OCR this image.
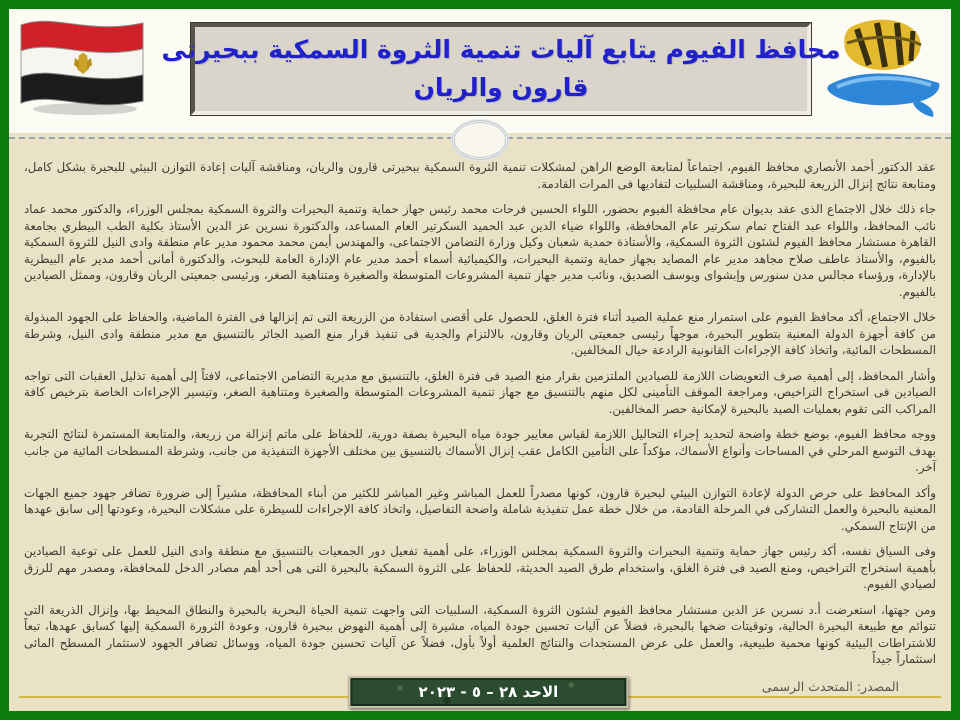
محافظ الفيوم يتابع آليات تنمية الثروة السمكية ببحيرتى
قارون والريان

عقد الدكتور أحمد الأنصاري محافظ الفيوم، اجتماعاً لمتابعة الوضع الراهن لمشكلات تنمية الثروة السمكية ببحيرتى قارون والريان، ومناقشة آليات إعادة التوازن البيئي للبحيرة بشكل كامل، ومتابعة نتائج إنزال الزريعة للبحيرة، ومناقشة السلبيات لتفاديها فى المرات القادمة.

جاء ذلك خلال الاجتماع الذى عقد بديوان عام محافظة الفيوم بحضور، اللواء الحسين فرحات محمد رئيس جهاز حماية وتنمية البحيرات والثروة السمكية بمجلس الوزراء، والدكتور محمد عماد نائب المحافظ، واللواء عبد الفتاح تمام سكرتير عام المحافظة، واللواء ضياء الدين عبد الحميد السكرتير العام المساعد، والدكتورة نسرين عز الدين الأستاذ بكلية الطب البيطري بجامعة القاهرة مستشار محافظ الفيوم لشئون الثروة السمكية، والأستاذة حمدية شعبان وكيل وزارة التضامن الاجتماعى، والمهندس أيمن محمد محمود مدير عام منطقة وادى النيل للثروة السمكية بالفيوم، والأستاذ عاطف صلاح مجاهد مدير عام المصايد بجهاز حماية وتنمية البحيرات، والكيميائية أسماء أحمد مدير عام الإدارة العامة للبحوث، والدكتورة أمانى أحمد مدير عام البيطرية بالإدارة، ورؤساء مجالس مدن سنورس وإبشواى ويوسف الصديق، ونائب مدير جهاز تنمية المشروعات المتوسطة والصغيرة ومتناهية الصغر، ورئيسى جمعيتى الريان وقارون، وممثل الصيادين بالفيوم.

خلال الاجتماع، أكد محافظ الفيوم على استمرار منع عملية الصيد أثناء فترة الغلق، للحصول على أقصى استفادة من الزريعة التى تم إنزالها فى الفترة الماضية، والحفاظ على الجهود المبذولة من كافة أجهزة الدولة المعنية بتطوير البحيرة، موجهاً رئيسى جمعيتى الريان وقارون، بالالتزام والجدية فى تنفيذ قرار منع الصيد الجائر بالتنسيق مع مدير منطقة وادى النيل، وشرطة المسطحات المائية، واتخاذ كافة الإجراءات القانونية الرادعة حيال المخالفين.

وأشار المحافظ، إلى أهمية صرف التعويضات اللازمة للصيادين الملتزمين بقرار منع الصيد فى فترة الغلق، بالتنسيق مع مديرية التضامن الاجتماعى، لافتاً إلى أهمية تذليل العقبات التى تواجه الصيادين فى استخراج التراخيص، ومراجعة الموقف التأمينى لكل منهم بالتنسيق مع جهاز تنمية المشروعات المتوسطة والصغيرة ومتناهية الصغر، وتيسير الإجراءات الخاصة بترخيص كافة المراكب التى تقوم بعمليات الصيد بالبحيرة لإمكانية حصر المخالفين.

ووجه محافظ الفيوم، بوضع خطة واضحة لتحديد إجراء التحاليل اللازمة لقياس معايير جودة مياه البحيرة بصفة دورية، للحفاظ على ماتم إنزالة من زريعة، والمتابعة المستمرة لنتائج التجربة بهدف التوسع المرحلي في المساحات وأنواع الأسماك، مؤكداً على التأمين الكامل عقب إنزال الأسماك بالتنسيق بين مختلف الأجهزة التنفيذية من جانب، وشرطة المسطحات المائية من جانب آخر.

وأكد المحافظ على حرص الدولة لإعادة التوازن البيئي لبحيرة قارون، كونها مصدراً للعمل المباشر وغير المباشر للكثير من أبناء المحافظة، مشيراً إلى ضرورة تضافر جهود جميع الجهات المعنية بالبحيرة والعمل التشاركى في المرحلة القادمة، من خلال خطة عمل تنفيذية شاملة واضحة التفاصيل، واتخاذ كافة الإجراءات للسيطرة على مشكلات البحيرة، وعودتها إلى سابق عهدها من الإنتاج السمكي.

وفى السياق نفسه، أكد رئيس جهاز حماية وتنمية البحيرات والثروة السمكية بمجلس الوزراء، على أهمية تفعيل دور الجمعيات بالتنسيق مع منطقة وادى النيل للعمل على توعية الصيادين بأهمية استخراج التراخيص، ومنع الصيد فى فترة الغلق، واستخدام طرق الصيد الحديثة، للحفاظ على الثروة السمكية بالبحيرة التى هى أحد أهم مصادر الدخل للمحافظة، ومصدر مهم للرزق لصيادي الفيوم.

ومن جهتها، استعرضت أ.د نسرين عز الدين مستشار محافظ الفيوم لشئون الثروة السمكية، السلبيات التى واجهت تنمية الحياة البحرية بالبحيرة والنطاق المحيط بها، وإنزال الذريعة التى تتوائم مع طبيعة البحيرة الحالية، وتوقيتات ضخها بالبحيرة، فضلاً عن آليات تحسين جودة المياه، مشيرة إلى أهمية النهوض ببحيرة قارون، وعودة الثرورة السمكية إليها كسابق عهدها، تبعاً للاشتراطات البيئية كونها محمية طبيعية، والعمل على عرض المستجدات والنتائج العلمية أولاً بأول، فضلاً عن آليات تحسين جودة المياه، ووسائل تضافر الجهود لاستثمار المسطح المائى استثماراً جيداً

المصدر: المتحدث الرسمى
الاحد ٢٨ – ٥ - ٢٠٢٣
